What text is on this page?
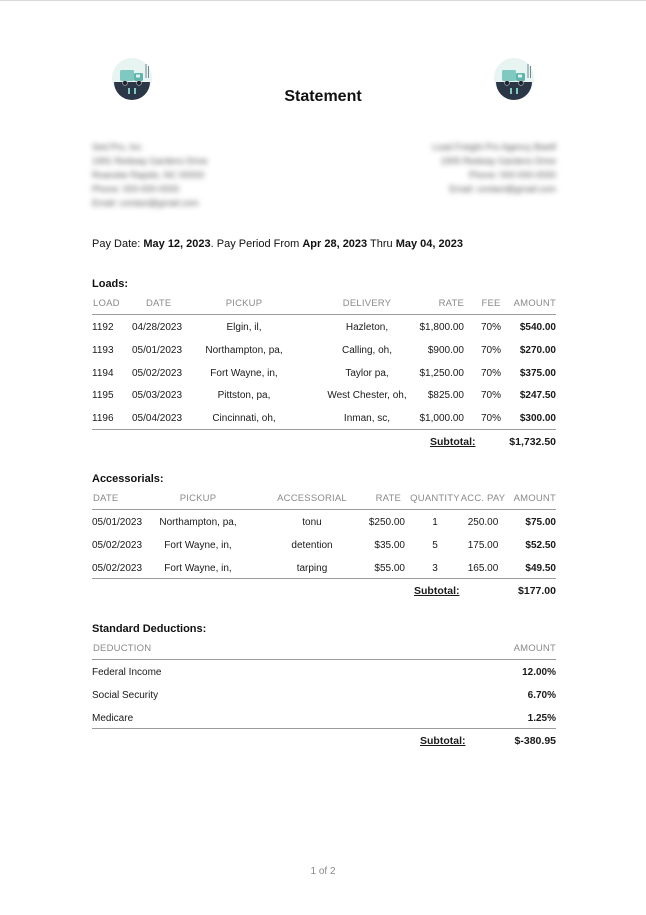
Statement
Sed Pro, Inc
1991 Redway Gardens Drive
Roanoke Rapids, NC 00000
Phone: 000-000-0000
Email: contact@gmail.com
Load Freight Pro Agency Bwelf
1905 Redway Gardens Drive
Phone: 000-000-0000
Email: contact@gmail.com
Pay Date: May 12, 2023. Pay Period From Apr 28, 2023 Thru May 04, 2023
Loads:
LOAD	DATE	PICKUP	DELIVERY	RATE	FEE	AMOUNT
1192 04/28/2023	Elgin, il,	Hazleton,	$1,800.00	70%	$540.00
1193 05/01/2023	Northampton, pa,	Calling, oh,	$900.00	70%	$270.00
1194 05/02/2023	Fort Wayne, in,	Taylor pa,	$1,250.00	70%	$375.00
1195 05/03/2023	Pittston, pa,	West Chester, oh,	$825.00	70%	$247.50
1196 05/04/2023	Cincinnati, oh,	Inman, sc,	$1,000.00	70%	$300.00
Subtotal:	$1,732.50
Accessorials:
DATE	PICKUP	ACCESSORIAL	RATE QUANTITY ACC. PAY AMOUNT
05/01/2023	Northampton, pa,	tonu	$250.00	1	250.00	$75.00
05/02/2023	Fort Wayne, in,	detention	$35.00	5	175.00	$52.50
05/02/2023	Fort Wayne, in,	tarping	$55.00	3	165.00	$49.50
Subtotal:	$177.00
Standard Deductions:
DEDUCTION	AMOUNT
Federal Income	12.00%
Social Security	6.70%
Medicare	1.25%
Subtotal:	$-380.95
1 of 2
